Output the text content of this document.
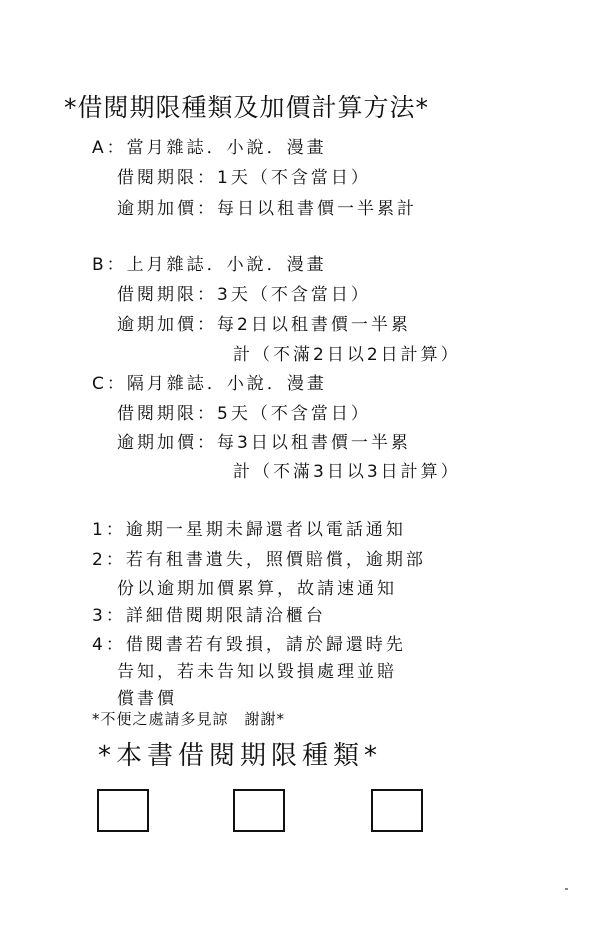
*借閱期限種類及加價計算方法*
A：當月雜誌．小說．漫畫
借閱期限：1天（不含當日）
逾期加價：每日以租書價一半累計
B：上月雜誌．小說．漫畫
借閱期限：3天（不含當日）
逾期加價：每2日以租書價一半累
計（不滿2日以2日計算）
C：隔月雜誌．小說．漫畫
借閱期限：5天（不含當日）
逾期加價：每3日以租書價一半累
計（不滿3日以3日計算）
1：逾期一星期未歸還者以電話通知
2：若有租書遺失，照價賠償，逾期部
份以逾期加價累算，故請速通知
3：詳細借閱期限請洽櫃台
4：借閱書若有毀損，請於歸還時先
告知，若未告知以毀損處理並賠
償書價
*不便之處請多見諒　謝謝*
*本書借閱期限種類*
